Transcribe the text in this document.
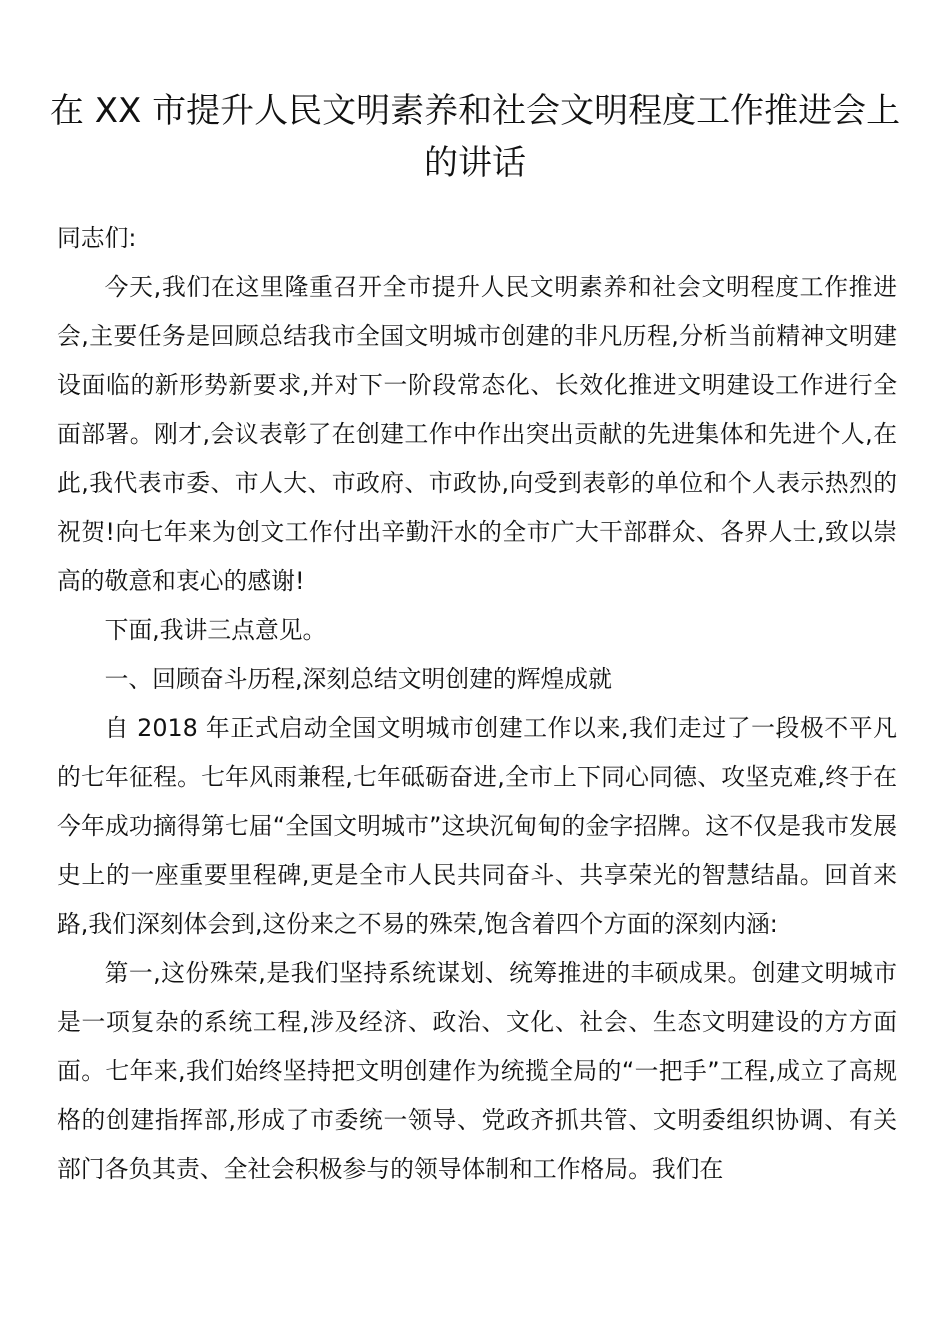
在 XX 市提升人民文明素养和社会文明程度工作推进会上的讲话

同志们:

今天,我们在这里隆重召开全市提升人民文明素养和社会文明程度工作推进会,主要任务是回顾总结我市全国文明城市创建的非凡历程,分析当前精神文明建设面临的新形势新要求,并对下一阶段常态化、长效化推进文明建设工作进行全面部署。刚才,会议表彰了在创建工作中作出突出贡献的先进集体和先进个人,在此,我代表市委、市人大、市政府、市政协,向受到表彰的单位和个人表示热烈的祝贺!向七年来为创文工作付出辛勤汗水的全市广大干部群众、各界人士,致以崇高的敬意和衷心的感谢!

下面,我讲三点意见。

一、回顾奋斗历程,深刻总结文明创建的辉煌成就

自 2018 年正式启动全国文明城市创建工作以来,我们走过了一段极不平凡的七年征程。七年风雨兼程,七年砥砺奋进,全市上下同心同德、攻坚克难,终于在今年成功摘得第七届“全国文明城市”这块沉甸甸的金字招牌。这不仅是我市发展史上的一座重要里程碑,更是全市人民共同奋斗、共享荣光的智慧结晶。回首来路,我们深刻体会到,这份来之不易的殊荣,饱含着四个方面的深刻内涵:

第一,这份殊荣,是我们坚持系统谋划、统筹推进的丰硕成果。创建文明城市是一项复杂的系统工程,涉及经济、政治、文化、社会、生态文明建设的方方面面。七年来,我们始终坚持把文明创建作为统揽全局的“一把手”工程,成立了高规格的创建指挥部,形成了市委统一领导、党政齐抓共管、文明委组织协调、有关部门各负其责、全社会积极参与的领导体制和工作格局。我们在
